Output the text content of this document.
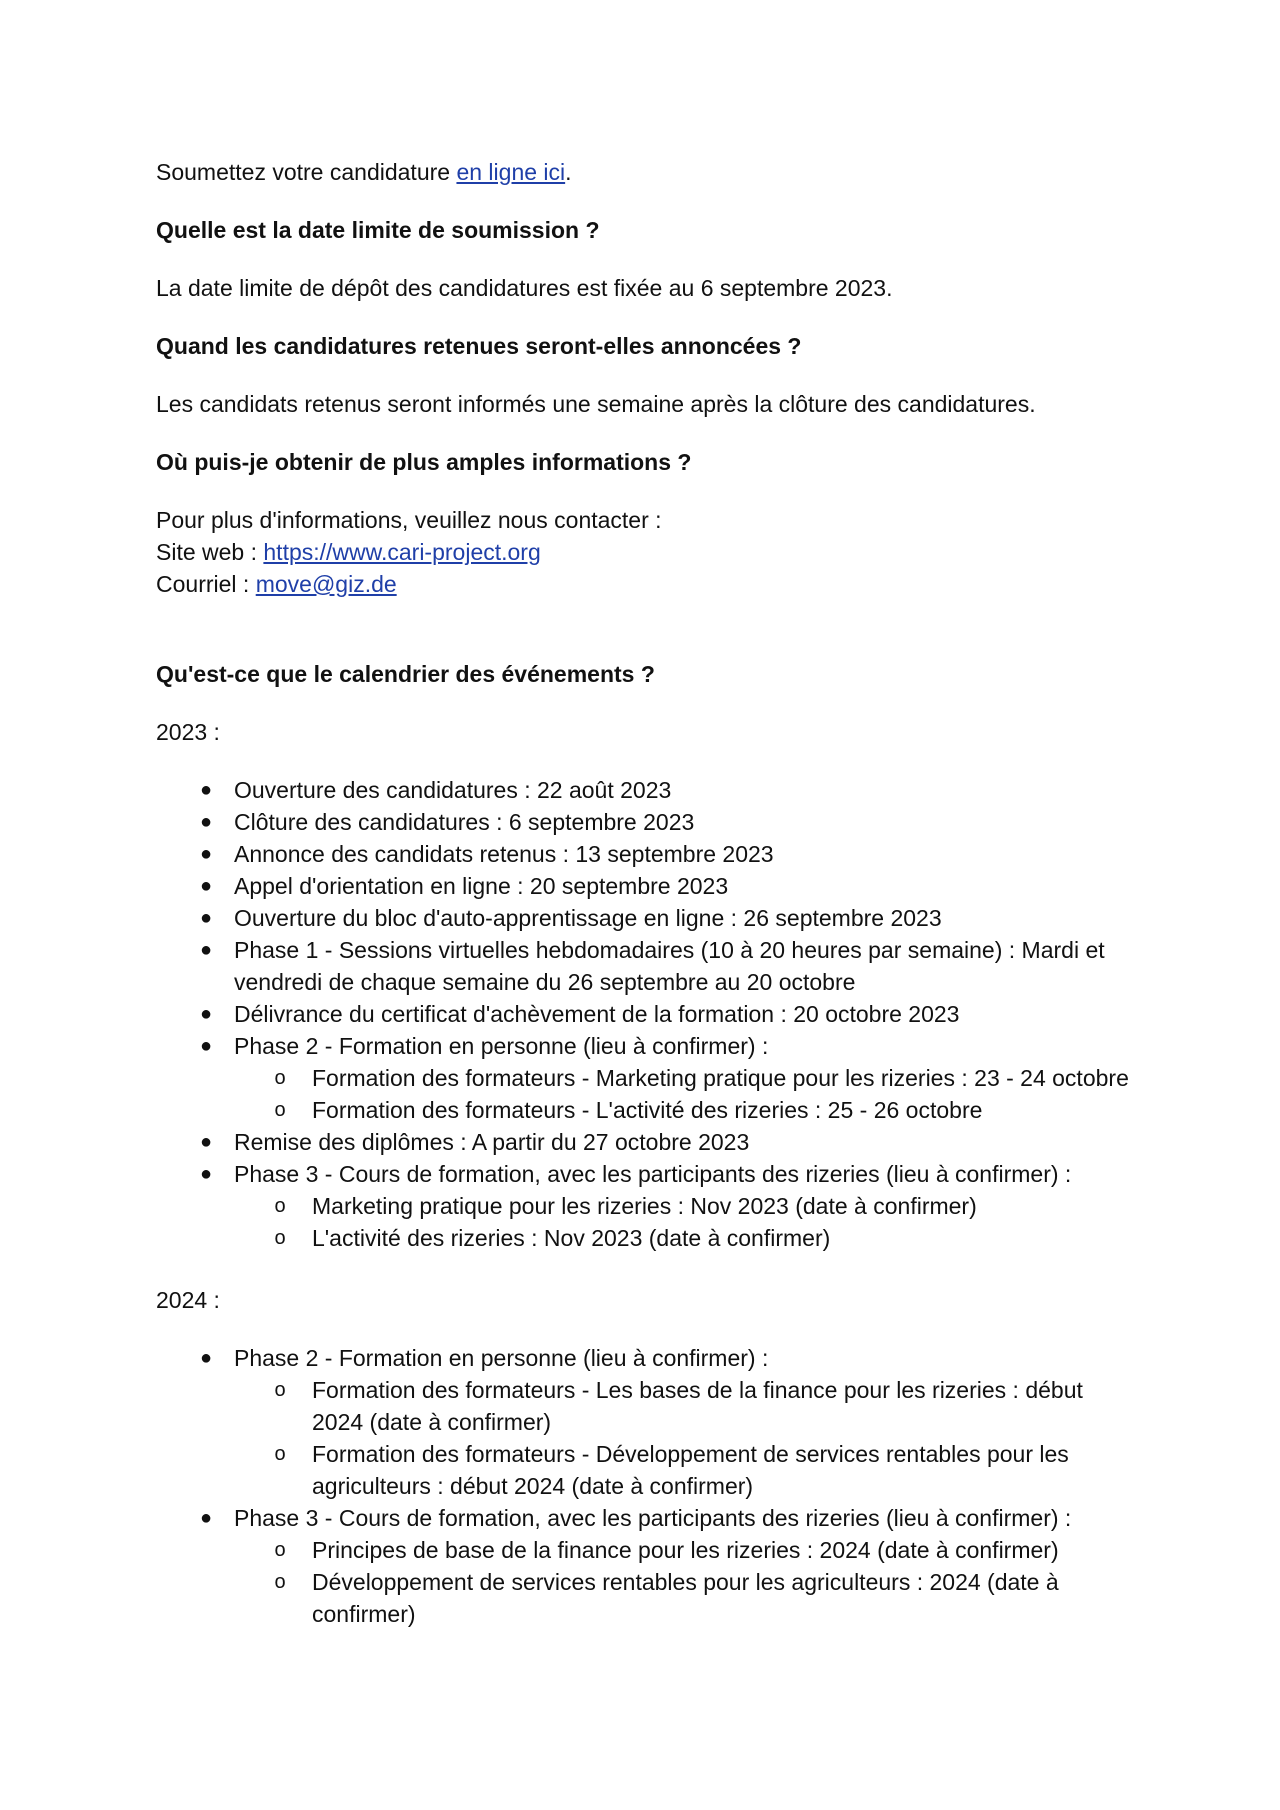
Soumettez votre candidature en ligne ici.

Quelle est la date limite de soumission ?

La date limite de dépôt des candidatures est fixée au 6 septembre 2023.

Quand les candidatures retenues seront-elles annoncées ?

Les candidats retenus seront informés une semaine après la clôture des candidatures.

Où puis-je obtenir de plus amples informations ?

Pour plus d'informations, veuillez nous contacter :

Site web : https://www.cari-project.org

Courriel : move@giz.de

Qu'est-ce que le calendrier des événements ?

2023 :

● Ouverture des candidatures : 22 août 2023
● Clôture des candidatures : 6 septembre 2023
● Annonce des candidats retenus : 13 septembre 2023
● Appel d'orientation en ligne : 20 septembre 2023
● Ouverture du bloc d'auto-apprentissage en ligne : 26 septembre 2023
● Phase 1 - Sessions virtuelles hebdomadaires (10 à 20 heures par semaine) : Mardi et vendredi de chaque semaine du 26 septembre au 20 octobre
● Délivrance du certificat d'achèvement de la formation : 20 octobre 2023
● Phase 2 - Formation en personne (lieu à confirmer) :
o Formation des formateurs - Marketing pratique pour les rizeries : 23 - 24 octobre
o Formation des formateurs - L'activité des rizeries : 25 - 26 octobre
● Remise des diplômes : A partir du 27 octobre 2023
● Phase 3 - Cours de formation, avec les participants des rizeries (lieu à confirmer) :
o Marketing pratique pour les rizeries : Nov 2023 (date à confirmer)
o L'activité des rizeries : Nov 2023 (date à confirmer)

2024 :

● Phase 2 - Formation en personne (lieu à confirmer) :
o Formation des formateurs - Les bases de la finance pour les rizeries : début 2024 (date à confirmer)
o Formation des formateurs - Développement de services rentables pour les agriculteurs : début 2024 (date à confirmer)
● Phase 3 - Cours de formation, avec les participants des rizeries (lieu à confirmer) :
o Principes de base de la finance pour les rizeries : 2024 (date à confirmer)
o Développement de services rentables pour les agriculteurs : 2024 (date à confirmer)
